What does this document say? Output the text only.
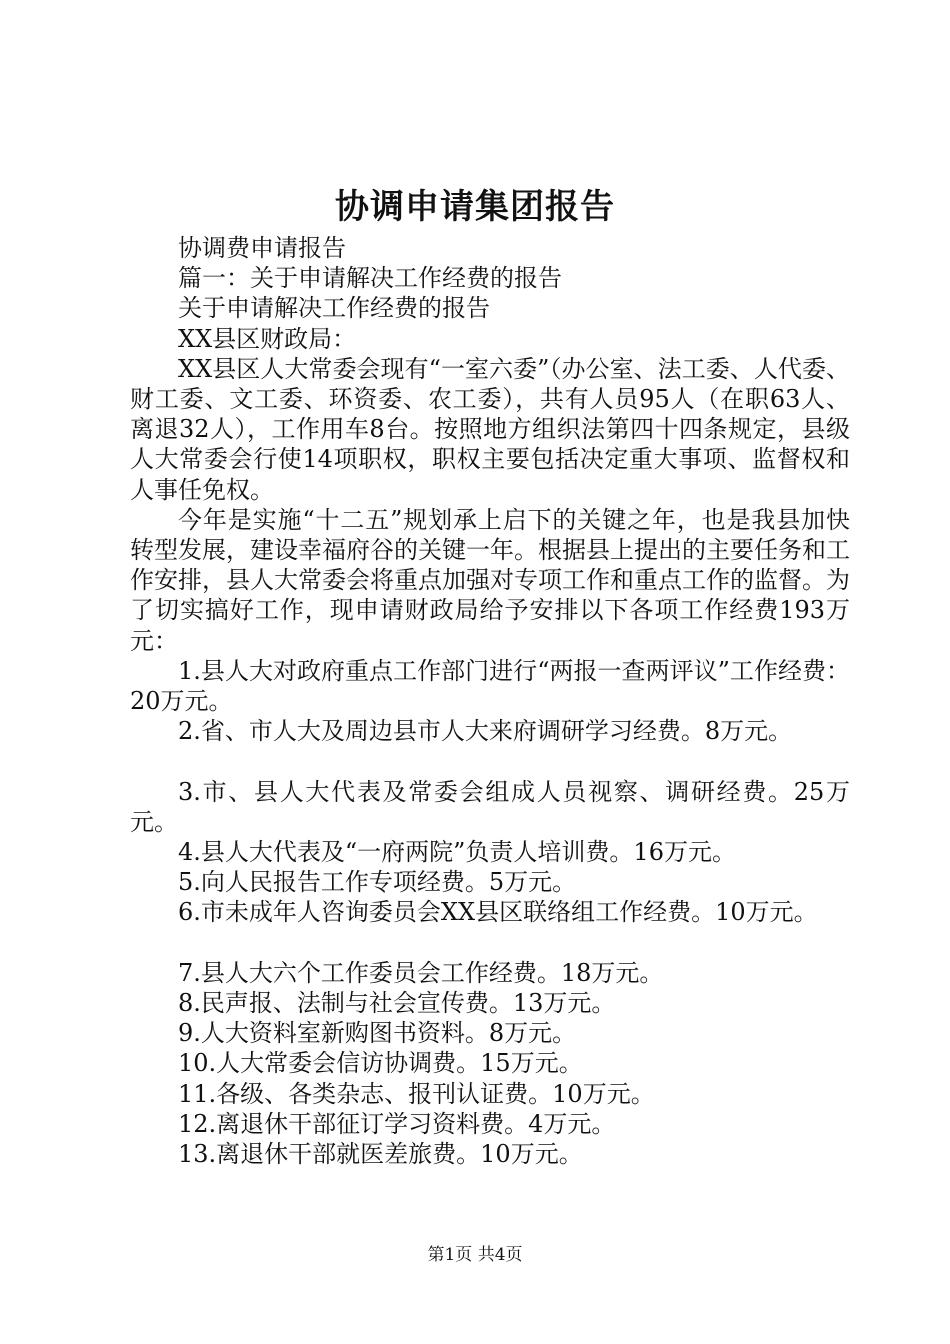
协调申请集团报告

协调费申请报告

篇一：关于申请解决工作经费的报告

关于申请解决工作经费的报告

XX县区财政局：

XX县区人大常委会现有“一室六委”（办公室、法工委、人代委、财工委、文工委、环资委、农工委），共有人员95人（在职63人、离退32人），工作用车8台。按照地方组织法第四十四条规定，县级人大常委会行使14项职权，职权主要包括决定重大事项、监督权和人事任免权。

今年是实施“十二五”规划承上启下的关键之年，也是我县加快转型发展，建设幸福府谷的关键一年。根据县上提出的主要任务和工作安排，县人大常委会将重点加强对专项工作和重点工作的监督。为了切实搞好工作，现申请财政局给予安排以下各项工作经费193万元：

1.县人大对政府重点工作部门进行“两报一查两评议”工作经费：20万元。

2.省、市人大及周边县市人大来府调研学习经费。8万元。

3.市、县人大代表及常委会组成人员视察、调研经费。25万元。

4.县人大代表及“一府两院”负责人培训费。16万元。

5.向人民报告工作专项经费。5万元。

6.市未成年人咨询委员会XX县区联络组工作经费。10万元。

7.县人大六个工作委员会工作经费。18万元。

8.民声报、法制与社会宣传费。13万元。

9.人大资料室新购图书资料。8万元。

10.人大常委会信访协调费。15万元。

11.各级、各类杂志、报刊认证费。10万元。

12.离退休干部征订学习资料费。4万元。

13.离退休干部就医差旅费。10万元。

第1页 共4页
